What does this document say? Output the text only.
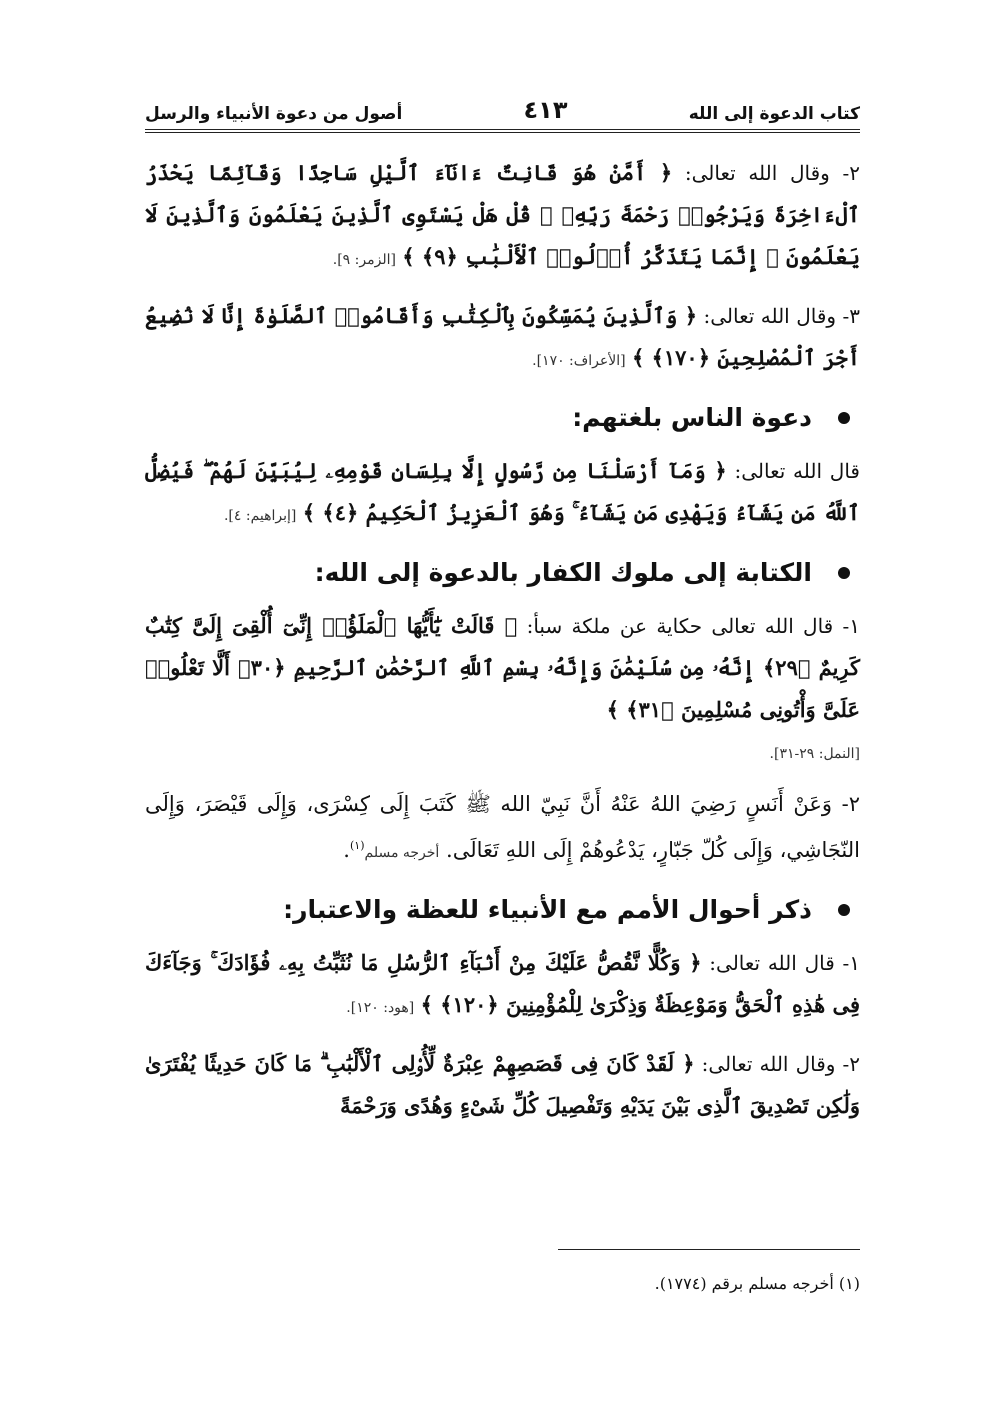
كتاب الدعوة إلى الله
٤١٣
أصول من دعوة الأنبياء والرسل

٢- وقال الله تعالى: ﴿ أَمَّنْ هُوَ قَانِتٌ ءَانَآءَ ٱلَّيْلِ سَاجِدًا وَقَآئِمًا يَحْذَرُ ٱلْءَاخِرَةَ وَيَرْجُوا۟ رَحْمَةَ رَبِّهِۦ ۗ قُلْ هَلْ يَسْتَوِى ٱلَّذِينَ يَعْلَمُونَ وَٱلَّذِينَ لَا يَعْلَمُونَ ۗ إِنَّمَا يَتَذَكَّرُ أُو۟لُوا۟ ٱلْأَلْبَٰبِ ﴿٩﴾ ﴾ [الزمر: ٩].

٣- وقال الله تعالى: ﴿ وَٱلَّذِينَ يُمَسِّكُونَ بِٱلْكِتَٰبِ وَأَقَامُوا۟ ٱلصَّلَوٰةَ إِنَّا لَا نُضِيعُ أَجْرَ ٱلْمُصْلِحِينَ ﴿١٧٠﴾ ﴾ [الأعراف: ١٧٠].

دعوة الناس بلغتهم:

قال الله تعالى: ﴿ وَمَآ أَرْسَلْنَا مِن رَّسُولٍ إِلَّا بِلِسَانِ قَوْمِهِۦ لِيُبَيِّنَ لَهُمْ ۖ فَيُضِلُّ ٱللَّهُ مَن يَشَآءُ وَيَهْدِى مَن يَشَآءُ ۚ وَهُوَ ٱلْعَزِيزُ ٱلْحَكِيمُ ﴿٤﴾ ﴾ [إبراهيم: ٤].

الكتابة إلى ملوك الكفار بالدعوة إلى الله:

١- قال الله تعالى حكاية عن ملكة سبأ: ﴿ قَالَتْ يَٰٓأَيُّهَا ٱلْمَلَؤُا۟ إِنِّىٓ أُلْقِىَ إِلَىَّ كِتَٰبٌ كَرِيمٌ ﴿٢٩﴾ إِنَّهُۥ مِن سُلَيْمَٰنَ وَإِنَّهُۥ بِسْمِ ٱللَّهِ ٱلرَّحْمَٰنِ ٱلرَّحِيمِ ﴿٣٠﴾ أَلَّا تَعْلُوا۟ عَلَىَّ وَأْتُونِى مُسْلِمِينَ ﴿٣١﴾ ﴾

[النمل: ٢٩-٣١].

٢- وَعَنْ أَنَسٍ رَضِيَ اللهُ عَنْهُ أَنَّ نَبِيّ الله ﷺ كَتَبَ إِلَى كِسْرَى، وَإِلَى قَيْصَرَ، وَإِلَى النّجَاشِي، وَإِلَى كُلّ جَبّارٍ، يَدْعُوهُمْ إِلَى اللهِ تَعَالَى. أخرجه مسلم$^{(١)}$.

ذكر أحوال الأمم مع الأنبياء للعظة والاعتبار:

١- قال الله تعالى: ﴿ وَكُلًّا نَّقُصُّ عَلَيْكَ مِنْ أَنۢبَآءِ ٱلرُّسُلِ مَا نُثَبِّتُ بِهِۦ فُؤَادَكَ ۚ وَجَآءَكَ فِى هَٰذِهِ ٱلْحَقُّ وَمَوْعِظَةٌ وَذِكْرَىٰ لِلْمُؤْمِنِينَ ﴿١٢٠﴾ ﴾ [هود: ١٢٠].

٢- وقال الله تعالى: ﴿ لَقَدْ كَانَ فِى قَصَصِهِمْ عِبْرَةٌ لِّأُو۟لِى ٱلْأَلْبَٰبِ ۗ مَا كَانَ حَدِيثًا يُفْتَرَىٰ وَلَٰكِن تَصْدِيقَ ٱلَّذِى بَيْنَ يَدَيْهِ وَتَفْصِيلَ كُلِّ شَىْءٍ وَهُدًى وَرَحْمَةً

(١) أخرجه مسلم برقم (١٧٧٤).
